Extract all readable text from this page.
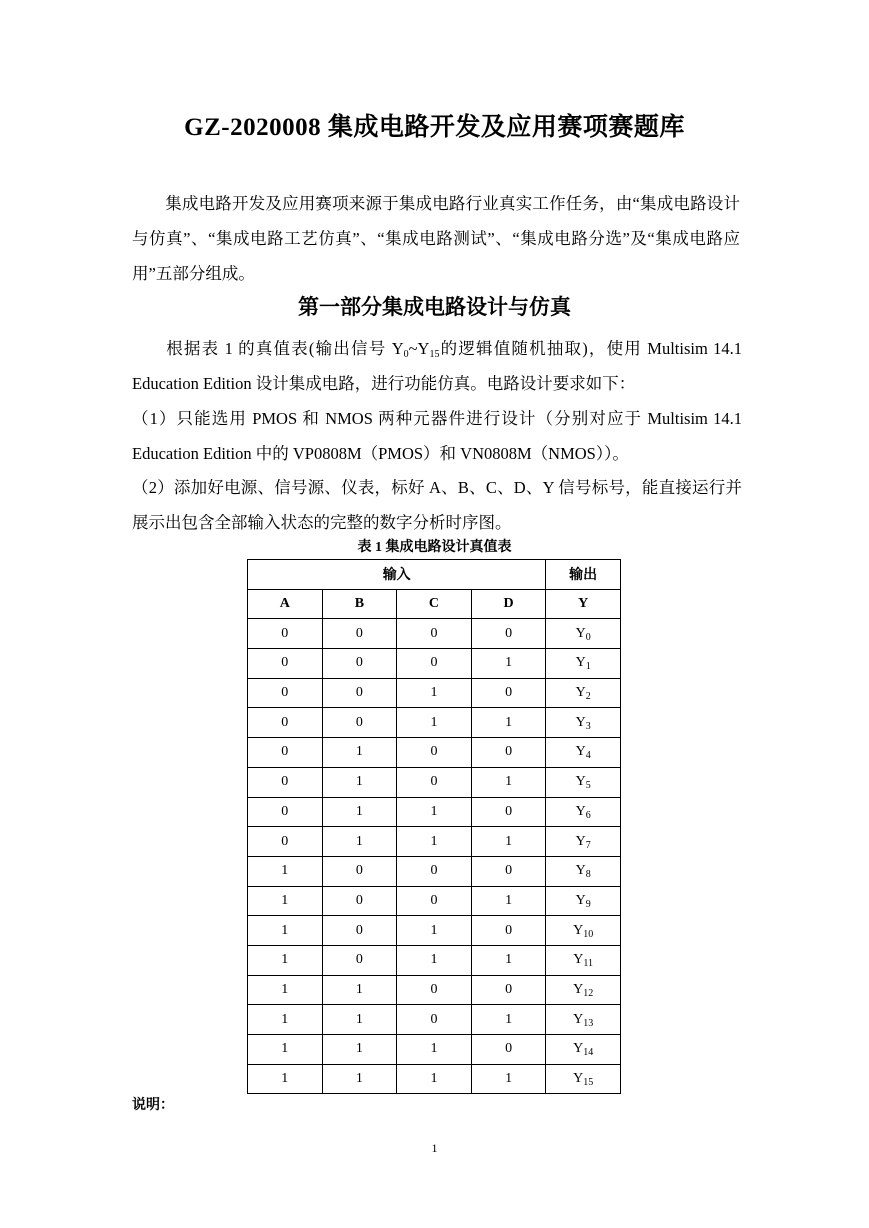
GZ-2020008 集成电路开发及应用赛项赛题库

集成电路开发及应用赛项来源于集成电路行业真实工作任务，由“集成电路设计与仿真”、“集成电路工艺仿真”、“集成电路测试”、“集成电路分选”及“集成电路应用”五部分组成。

第一部分集成电路设计与仿真

根据表 1 的真值表(输出信号 $Y_0\sim Y_{15}$的逻辑值随机抽取)，使用 Multisim 14.1 Education Edition 设计集成电路，进行功能仿真。电路设计要求如下：

（1）只能选用 PMOS 和 NMOS 两种元器件进行设计（分别对应于 Multisim 14.1 Education Edition 中的 VP0808M（PMOS）和 VN0808M（NMOS））。

（2）添加好电源、信号源、仪表，标好 A、B、C、D、Y 信号标号，能直接运行并展示出包含全部输入状态的完整的数字分析时序图。

表 1 集成电路设计真值表
输入				输出
A	B	C	D	Y
0	0	0	0	$Y_0$
0	0	0	1	$Y_1$
0	0	1	0	$Y_2$
0	0	1	1	$Y_3$
0	1	0	0	$Y_4$
0	1	0	1	$Y_5$
0	1	1	0	$Y_6$
0	1	1	1	$Y_7$
1	0	0	0	$Y_8$
1	0	0	1	$Y_9$
1	0	1	0	$Y_{10}$
1	0	1	1	$Y_{11}$
1	1	0	0	$Y_{12}$
1	1	0	1	$Y_{13}$
1	1	1	0	$Y_{14}$
1	1	1	1	$Y_{15}$
说明：
1
